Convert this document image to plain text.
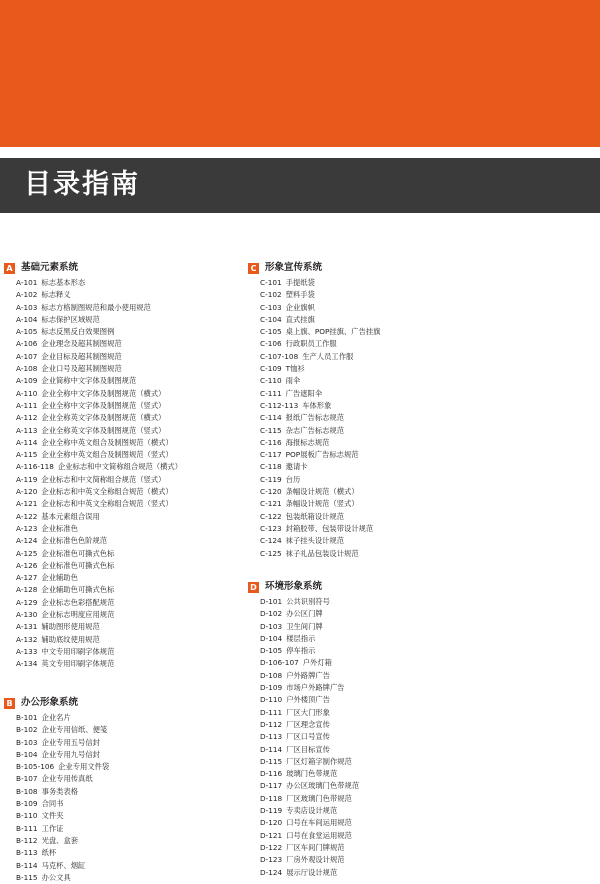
目录指南
A 基础元素系统
A-101 标志基本形态
A-102 标志释义
A-103 标志方格制图规范和最小使用规范
A-104 标志保护区域规范
A-105 标志反黑反白效果图例
A-106 企业理念及超其制图规范
A-107 企业目标及超其制图规范
A-108 企业口号及超其制图规范
A-109 企业简称中文字体及制图规范
A-110 企业全称中文字体及制图规范（横式）
A-111 企业全称中文字体及制图规范（竖式）
A-112 企业全称英文字体及制图规范（横式）
A-113 企业全称英文字体及制图规范（竖式）
A-114 企业全称中英文组合及制图规范（横式）
A-115 企业全称中英文组合及制图规范（竖式）
A-116-118 企业标志和中文简称组合规范（横式）
A-119 企业标志和中文简称组合规范（竖式）
A-120 企业标志和中英文全称组合规范（横式）
A-121 企业标志和中英文全称组合规范（竖式）
A-122 基本元素组合误用
A-123 企业标准色
A-124 企业标准色色阶规范
A-125 企业标准色可撕式色标
A-126 企业标准色可撕式色标
A-127 企业辅助色
A-128 企业辅助色可撕式色标
A-129 企业标志色彩搭配规范
A-130 企业标志明度应用规范
A-131 辅助图形使用规范
A-132 辅助底纹使用规范
A-133 中文专用印刷字体规范
A-134 英文专用印刷字体规范
B 办公形象系统
B-101 企业名片
B-102 企业专用信纸、便笺
B-103 企业专用五号信封
B-104 企业专用九号信封
B-105-106 企业专用文件袋
B-107 企业专用传真纸
B-108 事务类表格
B-109 合同书
B-110 文件夹
B-111 工作证
B-112 光盘、盒套
B-113 纸杯
B-114 马克杯、烟缸
B-115 办公文具
C 形象宣传系统
C-101 手提纸袋
C-102 塑料手袋
C-103 企业旗帜
C-104 直式挂旗
C-105 桌上旗、POP挂旗、广告挂旗
C-106 行政职员工作服
C-107-108 生产人员工作服
C-109 T恤衫
C-110 雨伞
C-111 广告遮阳伞
C-112-113 车体形象
C-114 报纸广告标志规范
C-115 杂志广告标志规范
C-116 海报标志规范
C-117 POP展板广告标志规范
C-118 邀请卡
C-119 台历
C-120 条幅设计规范（横式）
C-121 条幅设计规范（竖式）
C-122 包装纸箱设计规范
C-123 封箱胶带、包装带设计规范
C-124 袜子挂头设计规范
C-125 袜子礼品包装设计规范
D 环境形象系统
D-101 公共识别符号
D-102 办公区门牌
D-103 卫生间门牌
D-104 楼层指示
D-105 停车指示
D-106-107 户外灯箱
D-108 户外路牌广告
D-109 市场户外路牌广告
D-110 户外楼顶广告
D-111 厂区大门形象
D-112 厂区理念宣传
D-113 厂区口号宣传
D-114 厂区目标宣传
D-115 厂区灯箱字制作规范
D-116 玻璃门色带规范
D-117 办公区玻璃门色带规范
D-118 厂区玻璃门色带规范
D-119 专卖店设计规范
D-120 口号在车间运用规范
D-121 口号在食堂运用规范
D-122 厂区车间门牌规范
D-123 厂房外观设计规范
D-124 展示厅设计规范
